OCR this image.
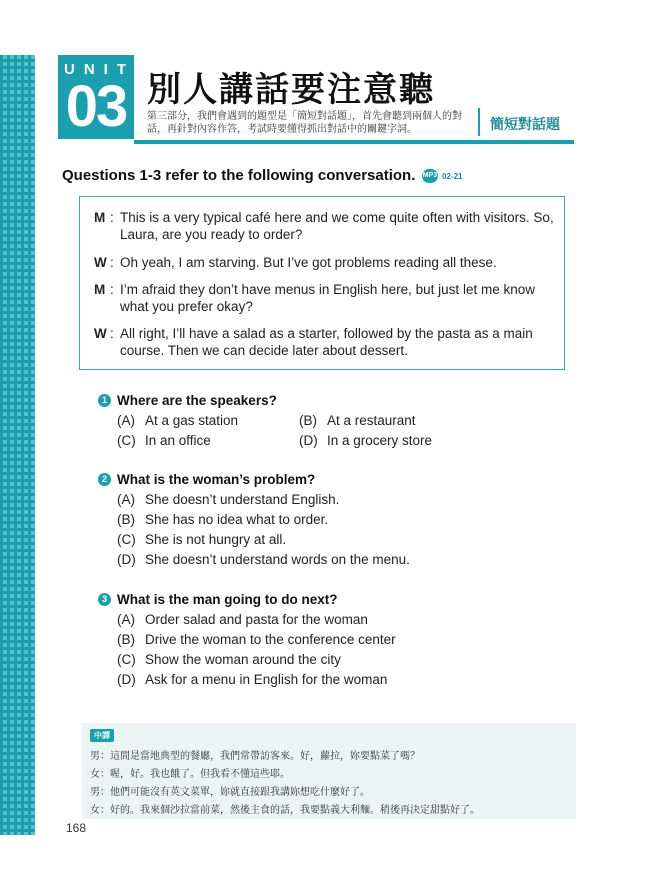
UNIT
03 別人講話要注意聽
第三部分，我們會遇到的題型是「簡短對話題」，首先會聽到兩個人的對話，再針對內容作答，考試時要懂得抓出對話中的關鍵字詞。	簡短對話題
Questions 1-3 refer to the following conversation. MP3 02-21
M : This is a very typical café here and we come quite often with visitors. So, Laura, are you ready to order?
W : Oh yeah, I am starving. But I’ve got problems reading all these.
M : I’m afraid they don’t have menus in English here, but just let me know what you prefer okay?
W : All right, I’ll have a salad as a starter, followed by the pasta as a main course. Then we can decide later about dessert.
1 Where are the speakers?
(A) At a gas station	(B) At a restaurant
(C) In an office	(D) In a grocery store
2 What is the woman’s problem?
(A) She doesn’t understand English.
(B) She has no idea what to order.
(C) She is not hungry at all.
(D) She doesn’t understand words on the menu.
3 What is the man going to do next?
(A) Order salad and pasta for the woman
(B) Drive the woman to the conference center
(C) Show the woman around the city
(D) Ask for a menu in English for the woman
中譯
男：這間是當地典型的餐廳，我們常帶訪客來。好，蘿拉，妳要點菜了嗎？
女：喔，好。我也餓了。但我看不懂這些耶。
男：他們可能沒有英文菜單，妳就直接跟我講妳想吃什麼好了。
女：好的。我來個沙拉當前菜，然後主食的話，我要點義大利麵。稍後再決定甜點好了。
168
